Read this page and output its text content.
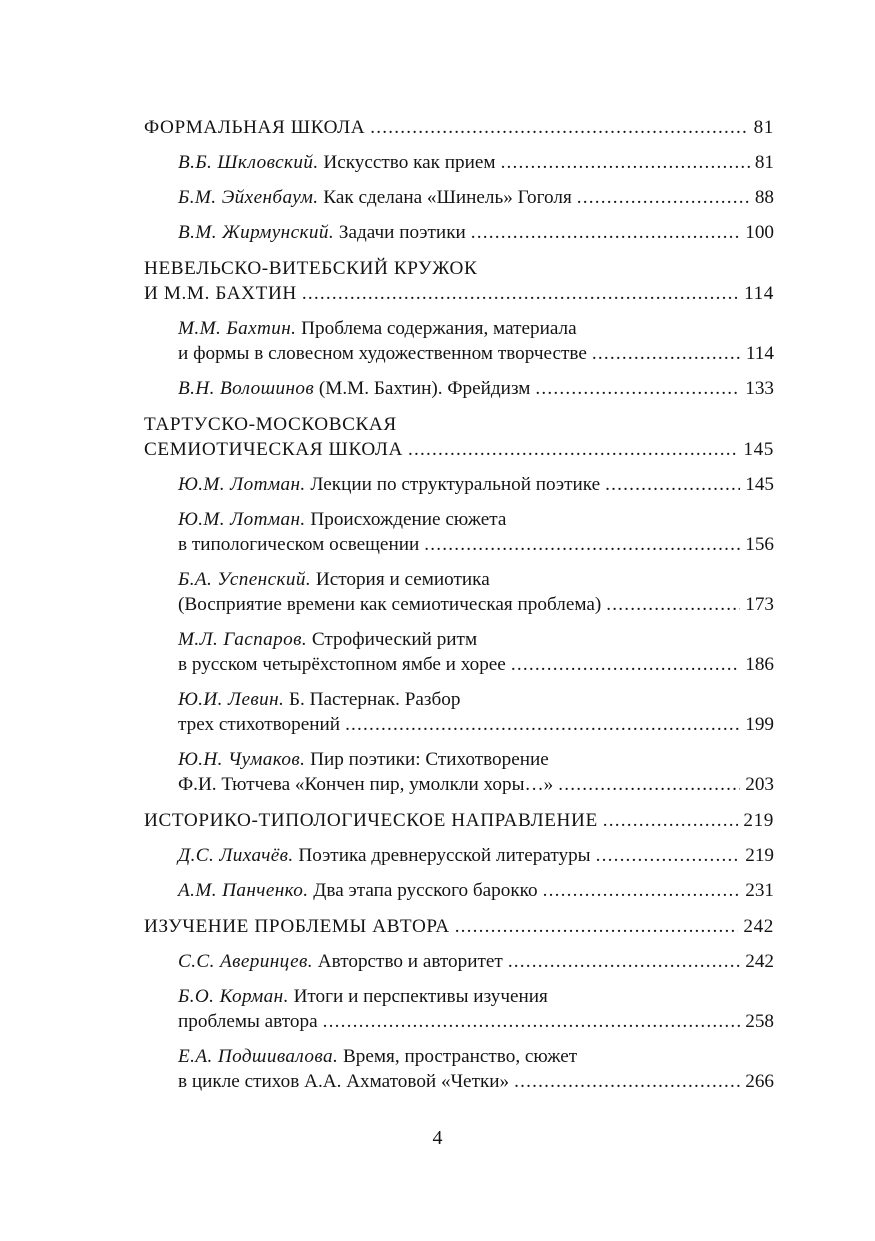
ФОРМАЛЬНАЯ ШКОЛА .....	81
В.Б. Шкловский. Искусство как прием .....	81
Б.М. Эйхенбаум. Как сделана «Шинель» Гоголя .....	88
В.М. Жирмунский. Задачи поэтики .....	100
НЕВЕЛЬСКО-ВИТЕБСКИЙ КРУЖОК
И М.М. БАХТИН .....	114
М.М. Бахтин. Проблема содержания, материала
и формы в словесном художественном творчестве .....	114
В.Н. Волошинов (М.М. Бахтин). Фрейдизм .....	133
ТАРТУСКО-МОСКОВСКАЯ
СЕМИОТИЧЕСКАЯ ШКОЛА .....	145
Ю.М. Лотман. Лекции по структуральной поэтике .....	145
Ю.М. Лотман. Происхождение сюжета
в типологическом освещении .....	156
Б.А. Успенский. История и семиотика
(Восприятие времени как семиотическая проблема) .....	173
М.Л. Гаспаров. Строфический ритм
в русском четырёхстопном ямбе и хорее .....	186
Ю.И. Левин. Б. Пастернак. Разбор
трех стихотворений .....	199
Ю.Н. Чумаков. Пир поэтики: Стихотворение
Ф.И. Тютчева «Кончен пир, умолкли хоры…» .....	203
ИСТОРИКО-ТИПОЛОГИЧЕСКОЕ НАПРАВЛЕНИЕ .....	219
Д.С. Лихачёв. Поэтика древнерусской литературы .....	219
А.М. Панченко. Два этапа русского барокко .....	231
ИЗУЧЕНИЕ ПРОБЛЕМЫ АВТОРА .....	242
С.С. Аверинцев. Авторство и авторитет .....	242
Б.О. Корман. Итоги и перспективы изучения
проблемы автора .....	258
Е.А. Подшивалова. Время, пространство, сюжет
в цикле стихов А.А. Ахматовой «Четки» .....	266
4
